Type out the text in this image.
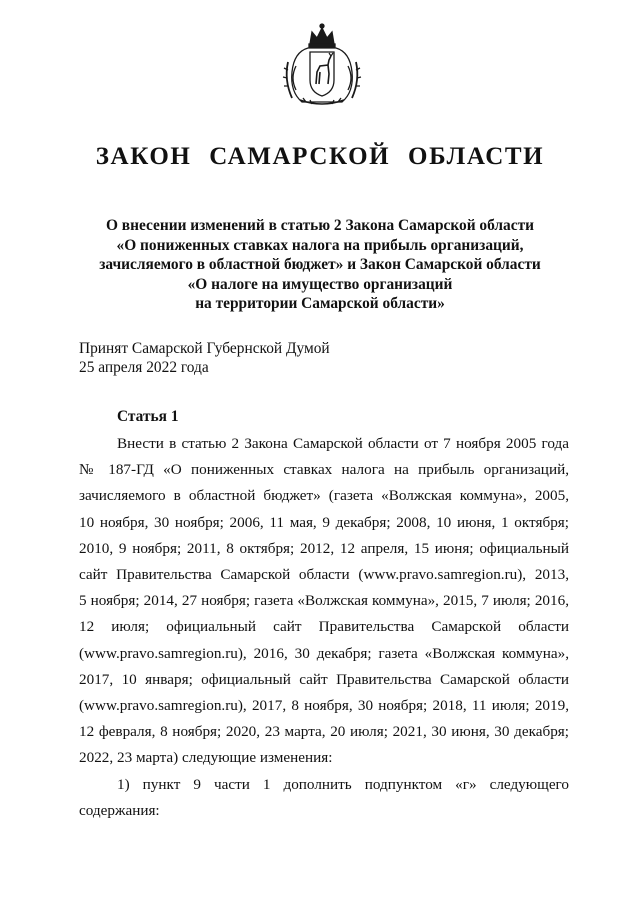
ЗАКОН САМАРСКОЙ ОБЛАСТИ
О внесении изменений в статью 2 Закона Самарской области
«О пониженных ставках налога на прибыль организаций,
зачисляемого в областной бюджет» и Закон Самарской области
«О налоге на имущество организаций
на территории Самарской области»
Принят Самарской Губернской Думой
25 апреля 2022 года
Статья 1
Внести в статью 2 Закона Самарской области от 7 ноября 2005 года
№ 187-ГД «О пониженных ставках налога на прибыль организаций,
зачисляемого в областной бюджет» (газета «Волжская коммуна», 2005,
10 ноября, 30 ноября; 2006, 11 мая, 9 декабря; 2008, 10 июня, 1 октября;
2010, 9 ноября; 2011, 8 октября; 2012, 12 апреля, 15 июня; официальный
сайт Правительства Самарской области (www.pravo.samregion.ru), 2013,
5 ноября; 2014, 27 ноября; газета «Волжская коммуна», 2015, 7 июля; 2016,
12 июля; официальный сайт Правительства Самарской области
(www.pravo.samregion.ru), 2016, 30 декабря; газета «Волжская коммуна»,
2017, 10 января; официальный сайт Правительства Самарской области
(www.pravo.samregion.ru), 2017, 8 ноября, 30 ноября; 2018, 11 июля; 2019,
12 февраля, 8 ноября; 2020, 23 марта, 20 июля; 2021, 30 июня, 30 декабря;
2022, 23 марта) следующие изменения:
1) пункт 9 части 1 дополнить подпунктом «г» следующего
содержания:
